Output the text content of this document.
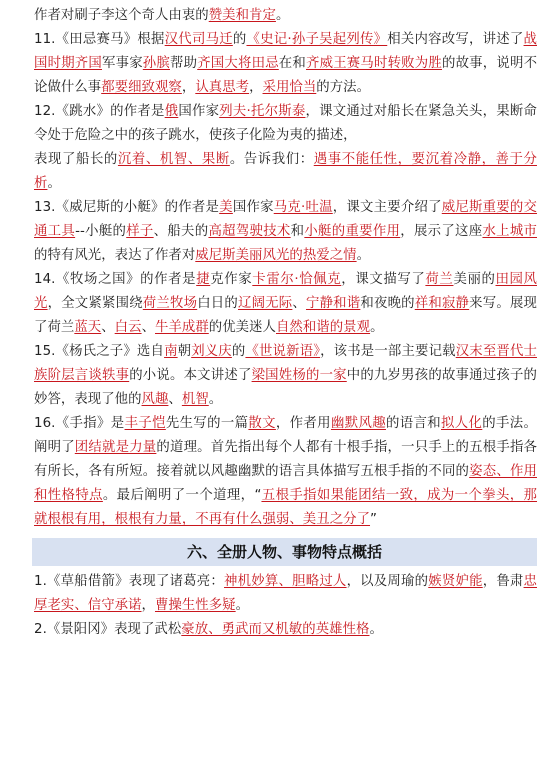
作者对刷子李这个奇人由衷的赞美和肯定。

11.《田忌赛马》根据汉代司马迁的《史记·孙子吴起列传》相关内容改写，讲述了战国时期齐国军事家孙膑帮助齐国大将田忌在和齐威王赛马时转败为胜的故事，说明不论做什么事都要细致观察，认真思考，采用恰当的方法。

12.《跳水》的作者是俄国作家列夫·托尔斯泰，课文通过对船长在紧急关头，果断命令处于危险之中的孩子跳水，使孩子化险为夷的描述，

表现了船长的沉着、机智、果断。告诉我们：遇事不能任性，要沉着冷静，善于分析。

13.《威尼斯的小艇》的作者是美国作家马克·吐温，课文主要介绍了威尼斯重要的交通工具--小艇的样子、船夫的高超驾驶技术和小艇的重要作用，展示了这座水上城市的特有风光，表达了作者对威尼斯美丽风光的热爱之情。

14.《牧场之国》的作者是捷克作家卡雷尔·恰佩克，课文描写了荷兰美丽的田园风光，全文紧紧围绕荷兰牧场白日的辽阔无际、宁静和谐和夜晚的祥和寂静来写。展现了荷兰蓝天、白云、牛羊成群的优美迷人自然和谐的景观。

15.《杨氏之子》选自南朝刘义庆的《世说新语》，该书是一部主要记载汉末至晋代士族阶层言谈轶事的小说。本文讲述了梁国姓杨的一家中的九岁男孩的故事通过孩子的妙答，表现了他的风趣、机智。

16.《手指》是丰子恺先生写的一篇散文，作者用幽默风趣的语言和拟人化的手法。阐明了团结就是力量的道理。首先指出每个人都有十根手指，一只手上的五根手指各有所长，各有所短。接着就以风趣幽默的语言具体描写五根手指的不同的姿态、作用和性格特点。最后阐明了一个道理，“五根手指如果能团结一致，成为一个拳头，那就根根有用，根根有力量，不再有什么强弱、美丑之分了”

六、全册人物、事物特点概括

1.《草船借箭》表现了诸葛亮：神机妙算、胆略过人，以及周瑜的嫉贤妒能，鲁肃忠厚老实、信守承诺，曹操生性多疑。

2.《景阳冈》表现了武松豪放、勇武而又机敏的英雄性格。
